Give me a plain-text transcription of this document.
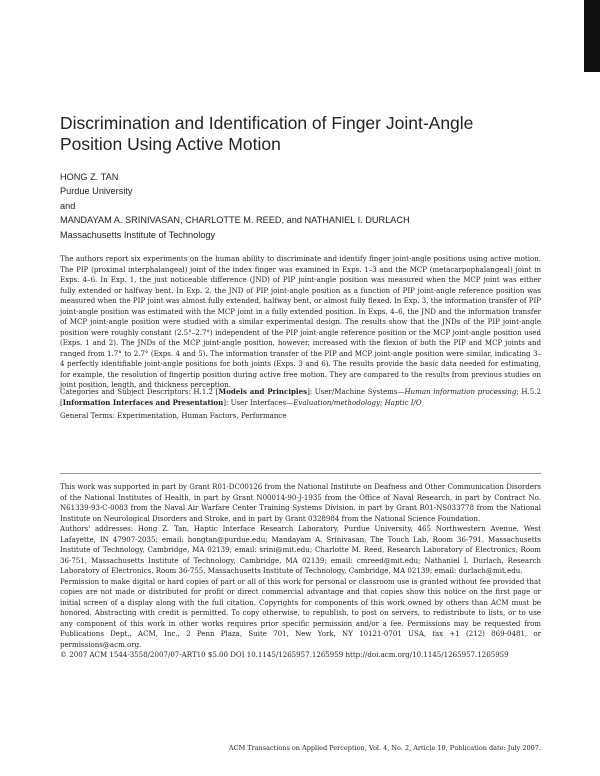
Discrimination and Identification of Finger Joint-Angle Position Using Active Motion
HONG Z. TAN
Purdue University
and
MANDAYAM A. SRINIVASAN, CHARLOTTE M. REED, and NATHANIEL I. DURLACH
Massachusetts Institute of Technology
The authors report six experiments on the human ability to discriminate and identify finger joint-angle positions using active motion. The PIP (proximal interphalangeal) joint of the index finger was examined in Exps. 1–3 and the MCP (metacarpophalangeal) joint in Exps. 4–6. In Exp. 1, the just noticeable difference (JND) of PIP joint-angle position was measured when the MCP joint was either fully extended or halfway bent. In Exp. 2, the JND of PIP joint-angle position as a function of PIP joint-angle reference position was measured when the PIP joint was almost fully extended, halfway bent, or almost fully flexed. In Exp. 3, the information transfer of PIP joint-angle position was estimated with the MCP joint in a fully extended position. In Exps. 4–6, the JND and the information transfer of MCP joint-angle position were studied with a similar experimental design. The results show that the JNDs of the PIP joint-angle position were roughly constant (2.5°–2.7°) independent of the PIP joint-angle reference position or the MCP joint-angle position used (Exps. 1 and 2). The JNDs of the MCP joint-angle position, however, increased with the flexion of both the PIP and MCP joints and ranged from 1.7° to 2.7° (Exps. 4 and 5). The information transfer of the PIP and MCP joint-angle position were similar, indicating 3–4 perfectly identifiable joint-angle positions for both joints (Exps. 3 and 6). The results provide the basic data needed for estimating, for example, the resolution of fingertip position during active free motion. They are compared to the results from previous studies on joint position, length, and thickness perception.
Categories and Subject Descriptors: H.1.2 [Models and Principles]: User/Machine Systems—Human information processing; H.5.2 [Information Interfaces and Presentation]: User Interfaces—Evaluation/methodology; Haptic I/O
General Terms: Experimentation, Human Factors, Performance

This work was supported in part by Grant R01-DC00126 from the National Institute on Deafness and Other Communication Disorders of the National Institutes of Health, in part by Grant N00014-90-J-1935 from the Office of Naval Research, in part by Contract No. N61339-93-C-0083 from the Naval Air Warfare Center Training Systems Division, in part by Grant R01-NS033778 from the National Institute on Neurological Disorders and Stroke, and in part by Grant 0328984 from the National Science Foundation.

Authors' addresses: Hong Z. Tan, Haptic Interface Research Laboratory, Purdue University, 465 Northwestern Avenue, West Lafayette, IN 47907-2035; email: hongtan@purdue.edu; Mandayam A. Srinivasan, The Touch Lab, Room 36-791, Massachusetts Institute of Technology, Cambridge, MA 02139; email: srini@mit.edu; Charlotte M. Reed, Research Laboratory of Electronics, Room 36-751, Massachusetts Institute of Technology, Cambridge, MA 02139; email: cmreed@mit.edu; Nathaniel I. Durlach, Research Laboratory of Electronics, Room 36-755, Massachusetts Institute of Technology, Cambridge, MA 02139; email: durlach@mit.edu.

Permission to make digital or hard copies of part or all of this work for personal or classroom use is granted without fee provided that copies are not made or distributed for profit or direct commercial advantage and that copies show this notice on the first page or initial screen of a display along with the full citation. Copyrights for components of this work owned by others than ACM must be honored. Abstracting with credit is permitted. To copy otherwise, to republish, to post on servers, to redistribute to lists, or to use any component of this work in other works requires prior specific permission and/or a fee. Permissions may be requested from Publications Dept., ACM, Inc., 2 Penn Plaza, Suite 701, New York, NY 10121-0701 USA, fax +1 (212) 869-0481, or permissions@acm.org.

© 2007 ACM 1544-3558/2007/07-ART10 $5.00 DOI 10.1145/1265957.1265959 http://doi.acm.org/10.1145/1265957.1265959

ACM Transactions on Applied Perception, Vol. 4, No. 2, Article 10, Publication date: July 2007.
